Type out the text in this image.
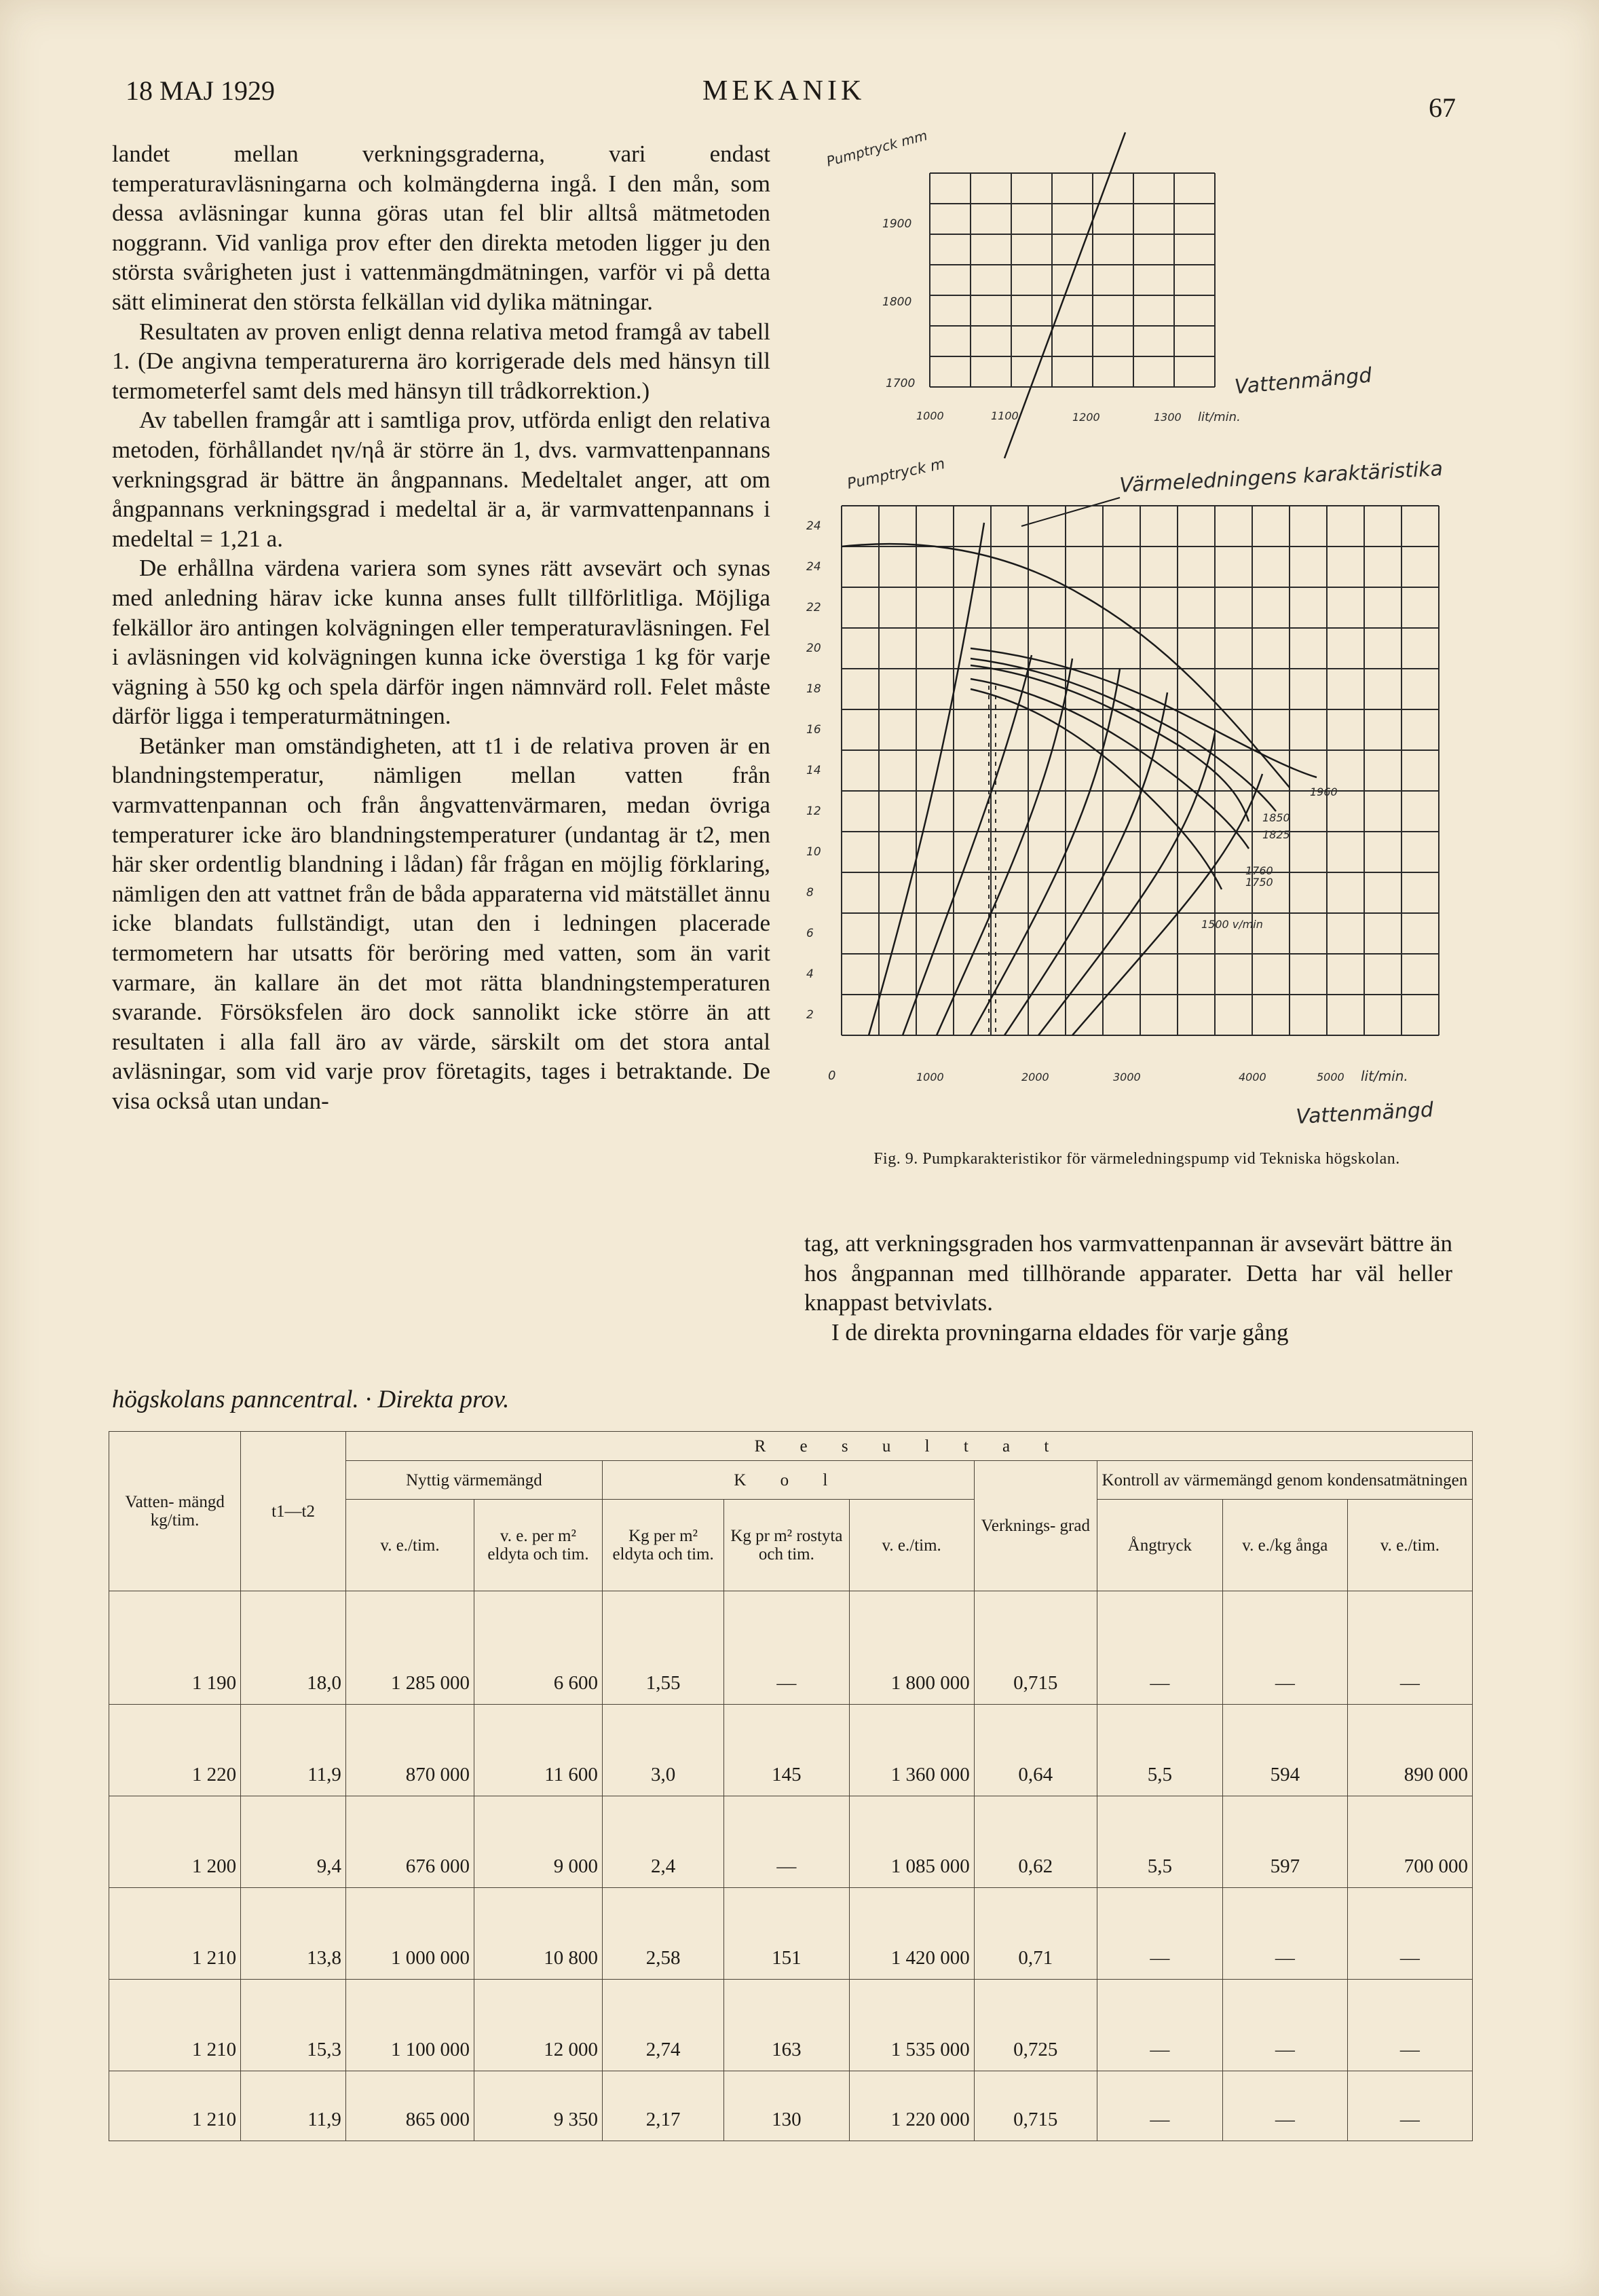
18 MAJ 1929	MEKANIK
67

landet mellan verkningsgraderna, vari endast temperaturavläsningarna och kolmängderna ingå. I den mån, som dessa avläsningar kunna göras utan fel blir alltså mätmetoden noggrann. Vid vanliga prov efter den direkta metoden ligger ju den största svårigheten just i vattenmängdmätningen, varför vi på detta sätt eliminerat den största felkällan vid dylika mätningar.

Resultaten av proven enligt denna relativa metod framgå av tabell 1. (De angivna temperaturerna äro korrigerade dels med hänsyn till termometerfel samt dels med hänsyn till trådkorrektion.)

Av tabellen framgår att i samtliga prov, utförda enligt den relativa metoden, förhållandet ηv/ηå är större än 1, dvs. varmvattenpannans verkningsgrad är bättre än ångpannans. Medeltalet anger, att om ångpannans verkningsgrad i medeltal är a, är varmvattenpannans i medeltal = 1,21 a.

De erhållna värdena variera som synes rätt avsevärt och synas med anledning härav icke kunna anses fullt tillförlitliga. Möjliga felkällor äro antingen kolvägningen eller temperaturavläsningen. Fel i avläsningen vid kolvägningen kunna icke överstiga 1 kg för varje vägning à 550 kg och spela därför ingen nämnvärd roll. Felet måste därför ligga i temperaturmätningen.

Betänker man omständigheten, att t1 i de relativa proven är en blandningstemperatur, nämligen mellan vatten från varmvattenpannan och från ångvattenvärmaren, medan övriga temperaturer icke äro blandningstemperaturer (undantag är t2, men här sker ordentlig blandning i lådan) får frågan en möjlig förklaring, nämligen den att vattnet från de båda apparaterna vid mätstället ännu icke blandats fullständigt, utan den i ledningen placerade termometern har utsatts för beröring med vatten, som än varit varmare, än kallare än det mot rätta blandningstemperaturen svarande. Försöksfelen äro dock sannolikt icke större än att resultaten i alla fall äro av värde, särskilt om det stora antal avläsningar, som vid varje prov företagits, tages i betraktande. De visa också utan undan-

Pumptryck mm
1900
1800
1700
1000	1100	1200	1300 lit/min.
Vattenmängd
Pumptryck m	Värmeledningens karaktäristika
1960
1850
1825
1760
1750
1500 v/min
24
24
22
20
18
16
14
12
10
8
6
4
2
0	1000	2000	3000	4000	5000 lit/min.
Vattenmängd
Fig. 9. Pumpkarakteristikor för värmeledningspump vid Tekniska högskolan.

tag, att verkningsgraden hos varmvattenpannan är avsevärt bättre än hos ångpannan med tillhörande apparater. Detta har väl heller knappast betvivlats.

I de direkta provningarna eldades för varje gång

högskolans panncentral. · Direkta prov.
Vatten- mängd kg/tim.	t1—t2	R e s u l t a t								
		Nyttig värmemängd		K o l			Verknings- grad	Kontroll av värmemängd genom kondensatmätningen		
		v. e./tim.	v. e. per m² eldyta och tim.	Kg per m² eldyta och tim.	Kg pr m² rostyta och tim.	v. e./tim.		Ångtryck	v. e./kg ånga	v. e./tim.
1 190	18,0	1 285 000	6 600	1,55	—	1 800 000	0,715	—	—	—
1 220	11,9	870 000	11 600	3,0	145	1 360 000	0,64	5,5	594	890 000
1 200	9,4	676 000	9 000	2,4	—	1 085 000	0,62	5,5	597	700 000
1 210	13,8	1 000 000	10 800	2,58	151	1 420 000	0,71	—	—	—
1 210	15,3	1 100 000	12 000	2,74	163	1 535 000	0,725	—	—	—
1 210	11,9	865 000	9 350	2,17	130	1 220 000	0,715	—	—	—
